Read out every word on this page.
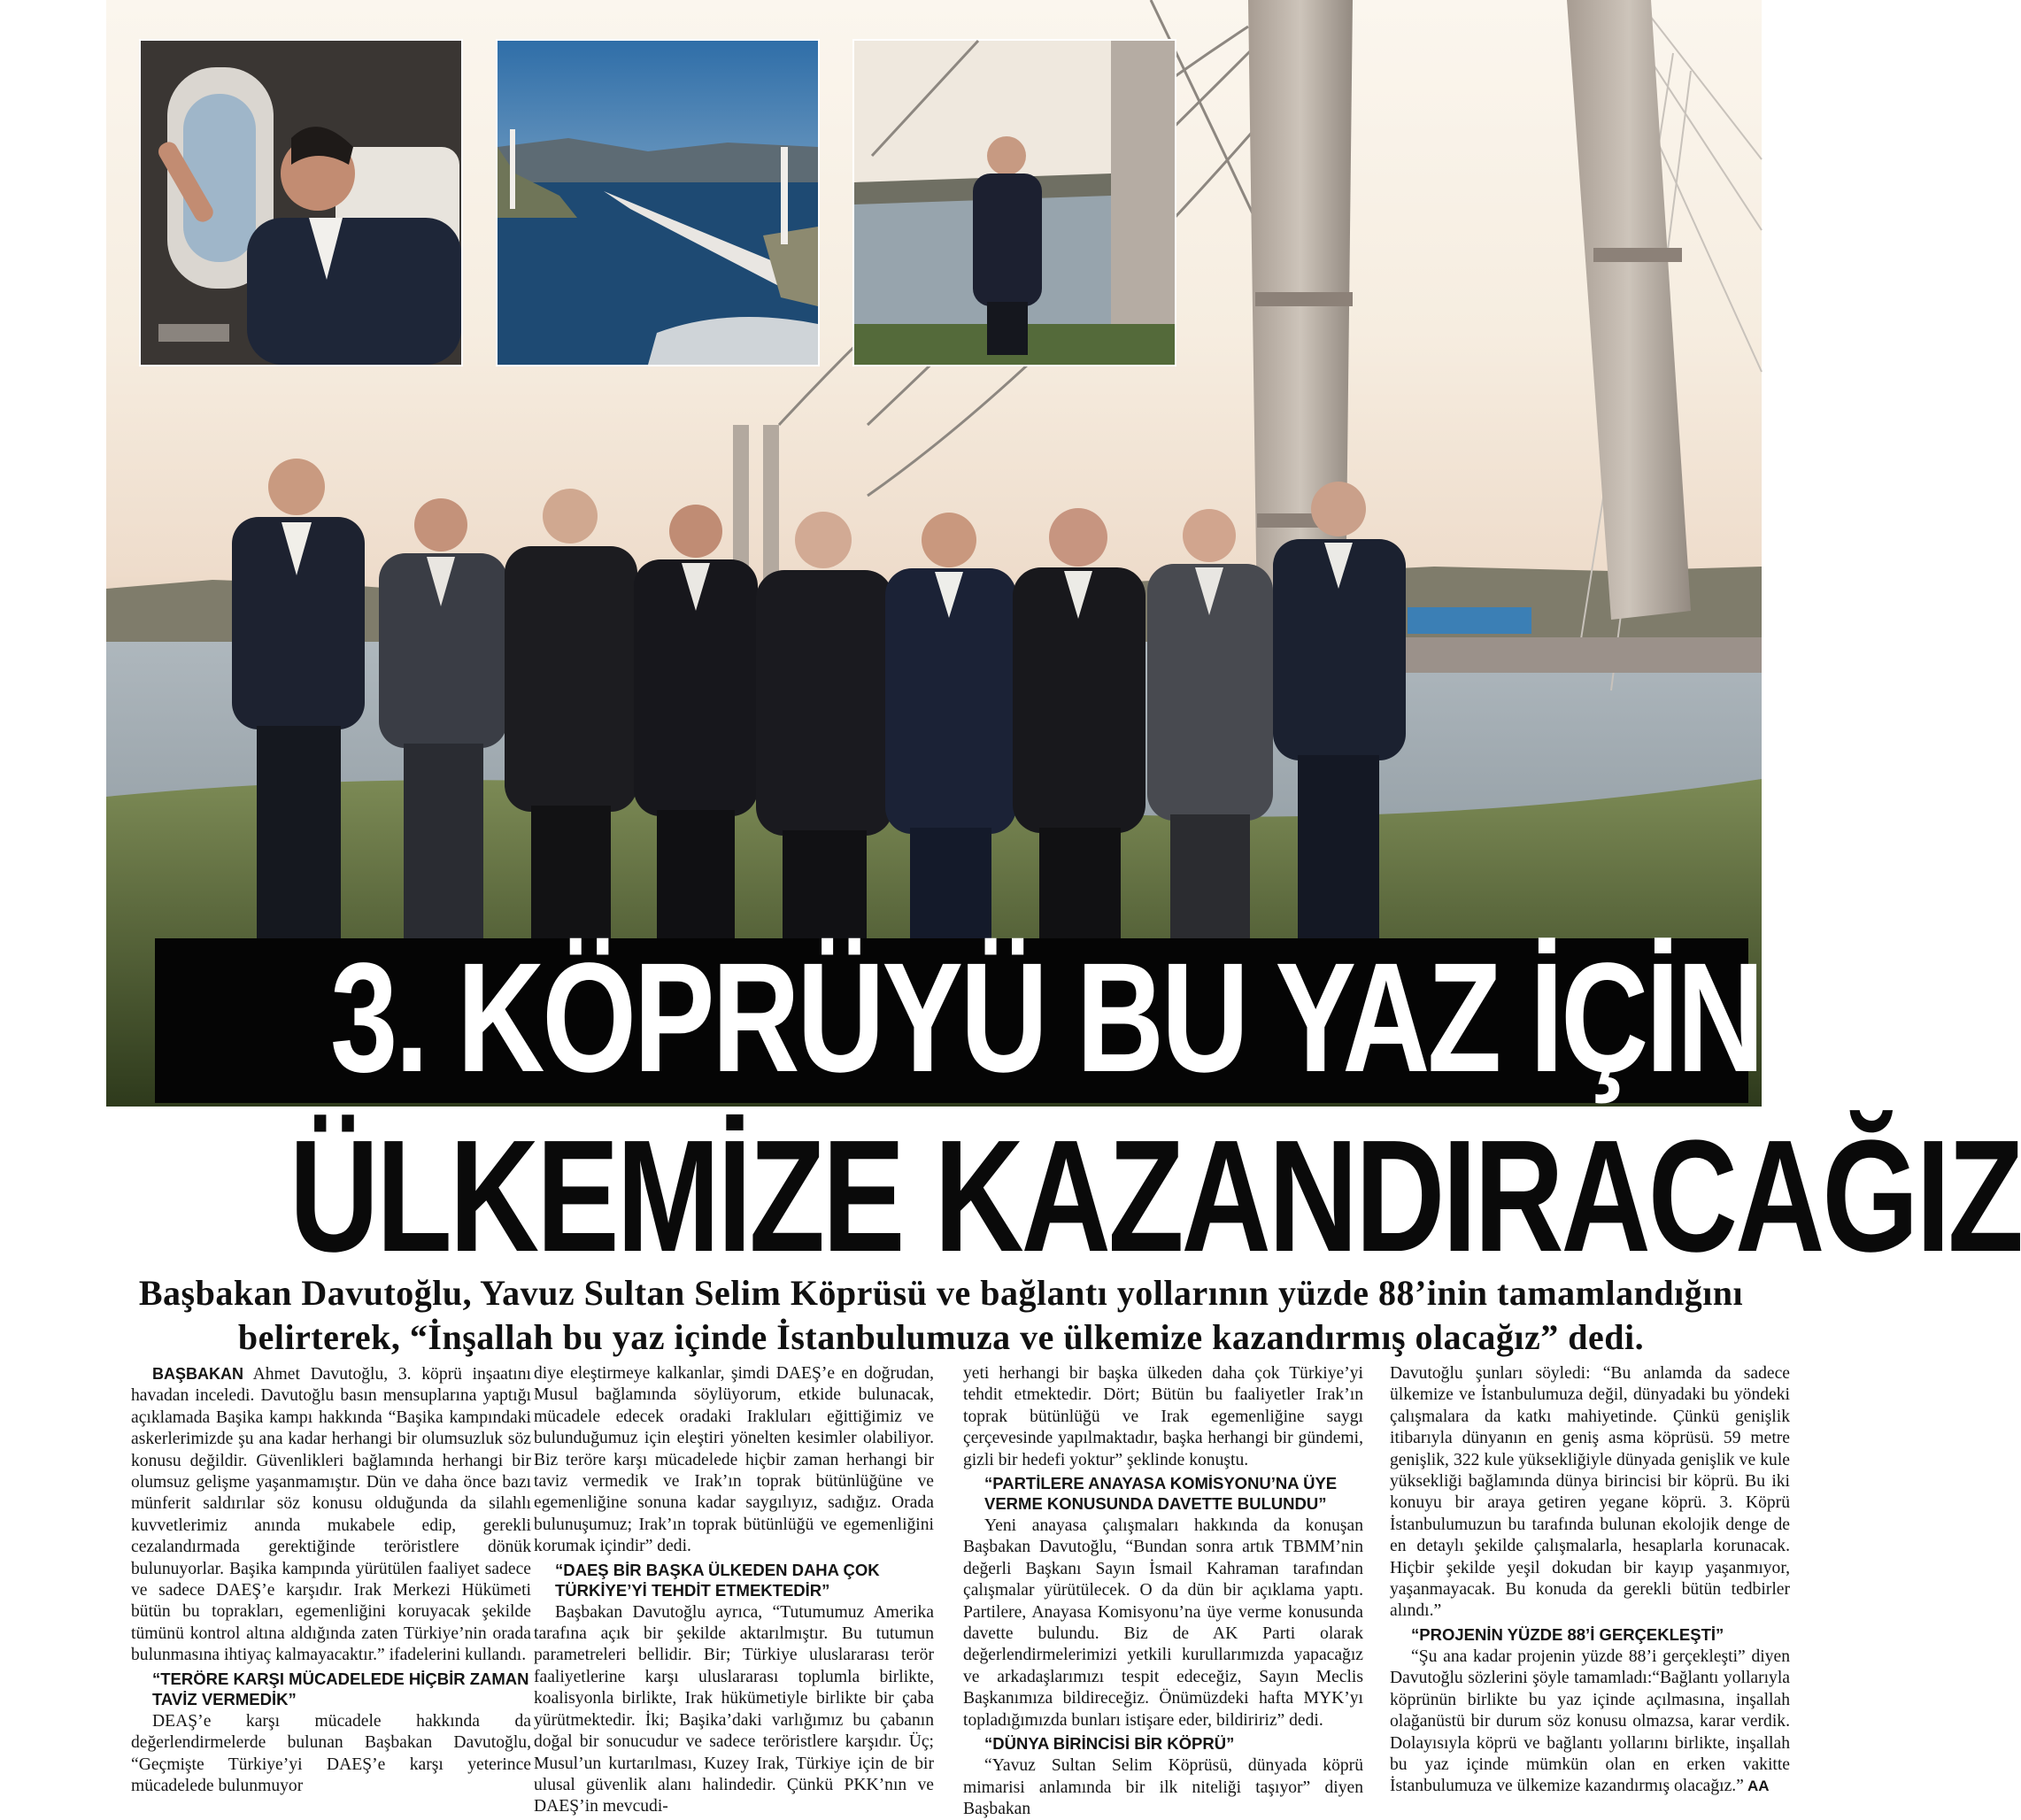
3. KÖPRÜYÜ BU YAZ İÇİNDE
ÜLKEMİZE KAZANDIRACAĞIZ
Başbakan Davutoğlu, Yavuz Sultan Selim Köprüsü ve bağlantı yollarının yüzde 88’inin tamamlandığını belirterek, “İnşallah bu yaz içinde İstanbulumuza ve ülkemize kazandırmış olacağız” dedi.

BAŞBAKAN Ahmet Davutoğlu, 3. köprü inşaatını havadan inceledi. Davutoğlu basın mensuplarına yaptığı açıklamada Başika kampı hakkında “Başika kampındaki askerlerimizde şu ana kadar herhangi bir olumsuzluk söz konusu değildir. Güvenlikleri bağlamında herhangi bir olumsuz gelişme yaşanmamıştır. Dün ve daha önce bazı münferit saldırılar söz konusu olduğunda da silahlı kuvvetlerimiz anında mukabele edip, gerekli cezalandırmada gerektiğinde teröristlere dönük bulunuyorlar. Başika kampında yürütülen faaliyet sadece ve sadece DAEŞ’e karşıdır. Irak Merkezi Hükümeti bütün bu toprakları, egemenliğini koruyacak şekilde tümünü kontrol altına aldığında zaten Türkiye’nin orada bulunmasına ihtiyaç kalmayacaktır.” ifadelerini kullandı.

“TERÖRE KARŞI MÜCADELEDE HİÇBİR ZAMAN TAVİZ VERMEDİK”

DEAŞ’e karşı mücadele hakkında da değerlendirmelerde bulunan Başbakan Davutoğlu, “Geçmişte Türkiye’yi DAEŞ’e karşı yeterince mücadelede bulunmuyor

diye eleştirmeye kalkanlar, şimdi DAEŞ’e en doğrudan, Musul bağlamında söylüyorum, etkide bulunacak, mücadele edecek oradaki Irakluları eğittiğimiz ve bulunduğumuz için eleştiri yönelten kesimler olabiliyor. Biz teröre karşı mücadelede hiçbir zaman herhangi bir taviz vermedik ve Irak’ın toprak bütünlüğüne ve egemenliğine sonuna kadar saygılıyız, sadığız. Orada bulunuşumuz; Irak’ın toprak bütünlüğü ve egemenliğini korumak içindir” dedi.

“DAEŞ BİR BAŞKA ÜLKEDEN DAHA ÇOK TÜRKİYE’Yİ TEHDİT ETMEKTEDİR”

Başbakan Davutoğlu ayrıca, “Tutumumuz Amerika tarafına açık bir şekilde aktarılmıştır. Bu tutumun parametreleri bellidir. Bir; Türkiye uluslararası terör faaliyetlerine karşı uluslararası toplumla birlikte, koalisyonla birlikte, Irak hükümetiyle birlikte bir çaba yürütmektedir. İki; Başika’daki varlığımız bu çabanın doğal bir sonucudur ve sadece teröristlere karşıdır. Üç; Musul’un kurtarılması, Kuzey Irak, Türkiye için de bir ulusal güvenlik alanı halindedir. Çünkü PKK’nın ve DAEŞ’in mevcudi-

yeti herhangi bir başka ülkeden daha çok Türkiye’yi tehdit etmektedir. Dört; Bütün bu faaliyetler Irak’ın toprak bütünlüğü ve Irak egemenliğine saygı çerçevesinde yapılmaktadır, başka herhangi bir gündemi, gizli bir hedefi yoktur” şeklinde konuştu.

“PARTİLERE ANAYASA KOMİSYONU’NA ÜYE VERME KONUSUNDA DAVETTE BULUNDU”

Yeni anayasa çalışmaları hakkında da konuşan Başbakan Davutoğlu, “Bundan sonra artık TBMM’nin değerli Başkanı Sayın İsmail Kahraman tarafından çalışmalar yürütülecek. O da dün bir açıklama yaptı. Partilere, Anayasa Komisyonu’na üye verme konusunda davette bulundu. Biz de AK Parti olarak değerlendirmelerimizi yetkili kurullarımızda yapacağız ve arkadaşlarımızı tespit edeceğiz, Sayın Meclis Başkanımıza bildireceğiz. Önümüzdeki hafta MYK’yı topladığımızda bunları istişare eder, bildiririz” dedi.

“DÜNYA BİRİNCİSİ BİR KÖPRÜ”

“Yavuz Sultan Selim Köprüsü, dünyada köprü mimarisi anlamında bir ilk niteliği taşıyor” diyen Başbakan

Davutoğlu şunları söyledi: “Bu anlamda da sadece ülkemize ve İstanbulumuza değil, dünyadaki bu yöndeki çalışmalara da katkı mahiyetinde. Çünkü genişlik itibarıyla dünyanın en geniş asma köprüsü. 59 metre genişlik, 322 kule yüksekliğiyle dünyada genişlik ve kule yüksekliği bağlamında dünya birincisi bir köprü. Bu iki konuyu bir araya getiren yegane köprü. 3. Köprü İstanbulumuzun bu tarafında bulunan ekolojik denge de en detaylı şekilde çalışmalarla, hesaplarla korunacak. Hiçbir şekilde yeşil dokudan bir kayıp yaşanmıyor, yaşanmayacak. Bu konuda da gerekli bütün tedbirler alındı.”

“PROJENİN YÜZDE 88’İ GERÇEKLEŞTİ”

“Şu ana kadar projenin yüzde 88’i gerçekleşti” diyen Davutoğlu sözlerini şöyle tamamladı:“Bağlantı yollarıyla köprünün birlikte bu yaz içinde açılmasına, inşallah olağanüstü bir durum söz konusu olmazsa, karar verdik. Dolayısıyla köprü ve bağlantı yollarını birlikte, inşallah bu yaz içinde mümkün olan en erken vakitte İstanbulumuza ve ülkemize kazandırmış olacağız.” AA
